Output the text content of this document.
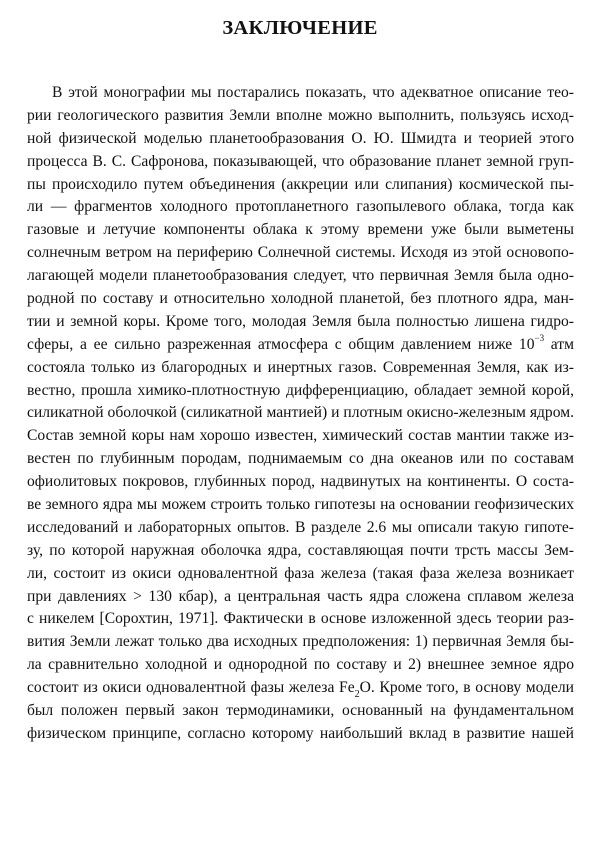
ЗАКЛЮЧЕНИЕ
В этой монографии мы постарались показать, что адекватное описание тео-
рии геологического развития Земли вполне можно выполнить, пользуясь исход-
ной физической моделью планетообразования О. Ю. Шмидта и теорией этого
процесса В. С. Сафронова, показывающей, что образование планет земной груп-
пы происходило путем объединения (аккреции или слипания) космической пы-
ли — фрагментов холодного протопланетного газопылевого облака, тогда как
газовые и летучие компоненты облака к этому времени уже были выметены
солнечным ветром на периферию Солнечной системы. Исходя из этой основопо-
лагающей модели планетообразования следует, что первичная Земля была одно-
родной по составу и относительно холодной планетой, без плотного ядра, ман-
тии и земной коры. Кроме того, молодая Земля была полностью лишена гидро-
сферы, а ее сильно разреженная атмосфера с общим давлением ниже $10^{-3}$ атм
состояла только из благородных и инертных газов. Современная Земля, как из-
вестно, прошла химико-плотностную дифференциацию, обладает земной корой,
силикатной оболочкой (силикатной мантией) и плотным окисно-железным ядром.
Состав земной коры нам хорошо известен, химический состав мантии также из-
вестен по глубинным породам, поднимаемым со дна океанов или по составам
офиолитовых покровов, глубинных пород, надвинутых на континенты. О соста-
ве земного ядра мы можем строить только гипотезы на основании геофизических
исследований и лабораторных опытов. В разделе 2.6 мы описали такую гипоте-
зу, по которой наружная оболочка ядра, составляющая почти трсть массы Зем-
ли, состоит из окиси одновалентной фаза железа (такая фаза железа возникает
при давлениях > 130 кбар), а центральная часть ядра сложена сплавом железа
с никелем [Сорохтин, 1971]. Фактически в основе изложенной здесь теории раз-
вития Земли лежат только два исходных предположения: 1) первичная Земля бы-
ла сравнительно холодной и однородной по составу и 2) внешнее земное ядро
состоит из окиси одновалентной фазы железа $Fe_2O$. Кроме того, в основу модели
был положен первый закон термодинамики, основанный на фундаментальном
физическом принципе, согласно которому наибольший вклад в развитие нашей
